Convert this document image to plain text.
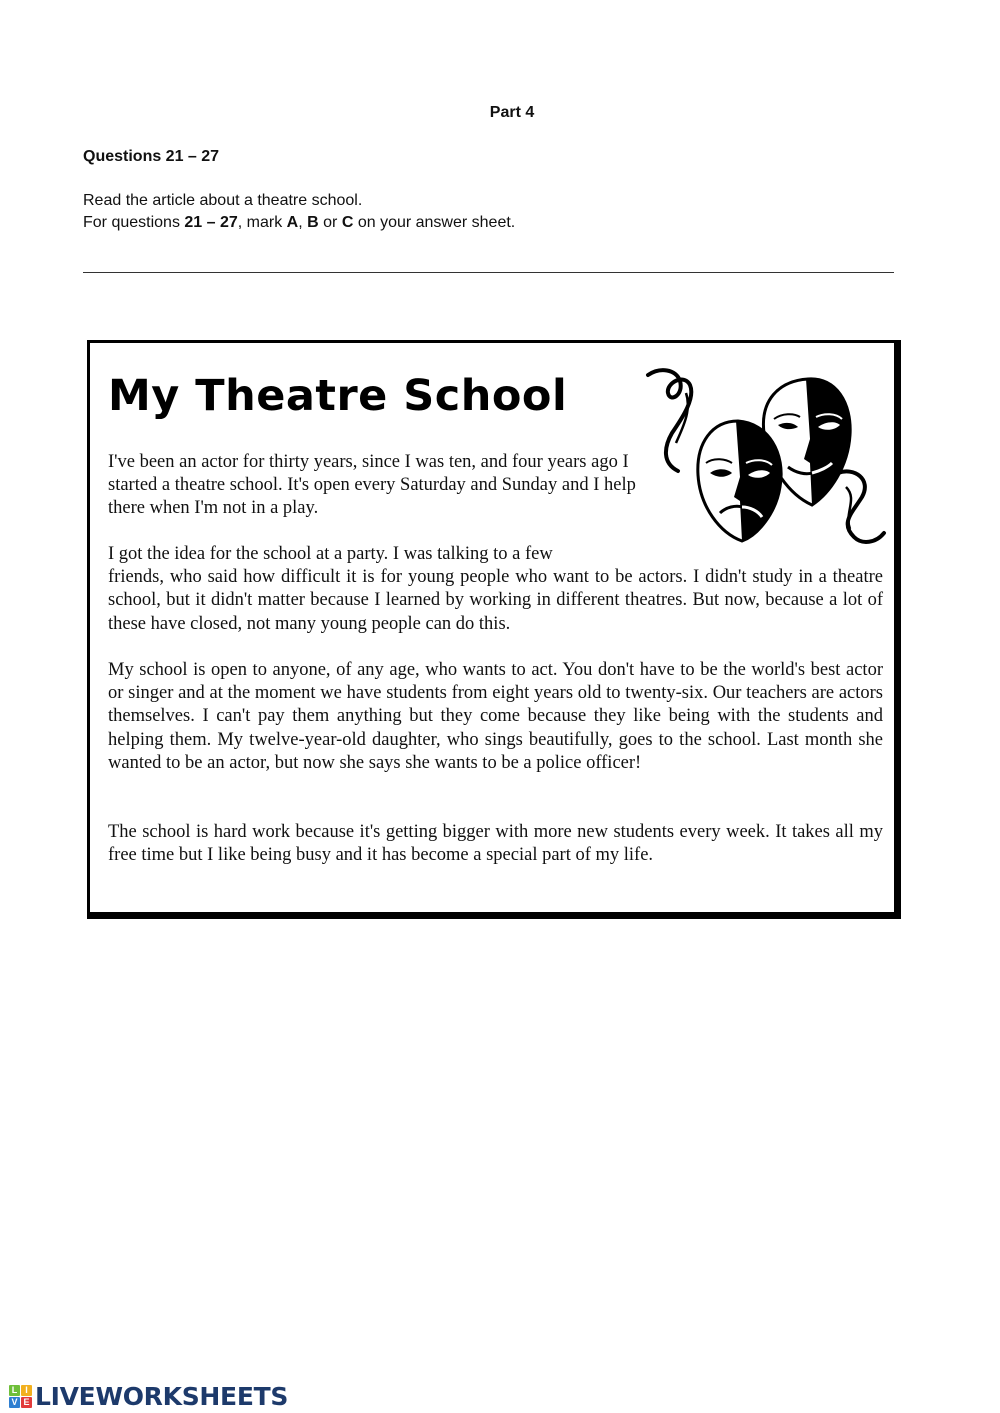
Part 4
Questions 21 – 27
Read the article about a theatre school.
For questions 21 – 27, mark A, B or C on your answer sheet.
My Theatre School

I've been an actor for thirty years, since I was ten, and four years ago I started a theatre school. It's open every Saturday and Sunday and I help there when I'm not in a play.

I got the idea for the school at a party. I was talking to a few
friends, who said how difficult it is for young people who want to be actors. I didn't study in a theatre school, but it didn't matter because I learned by working in different theatres. But now, because a lot of these have closed, not many young people can do this.

My school is open to anyone, of any age, who wants to act. You don't have to be the world's best actor or singer and at the moment we have students from eight years old to twenty-six. Our teachers are actors themselves. I can't pay them anything but they come because they like being with the students and helping them. My twelve-year-old daughter, who sings beautifully, goes to the school. Last month she wanted to be an actor, but now she says she wants to be a police officer!

The school is hard work because it's getting bigger with more new students every week. It takes all my free time but I like being busy and it has become a special part of my life.

L I
V E LIVEWORKSHEETS
